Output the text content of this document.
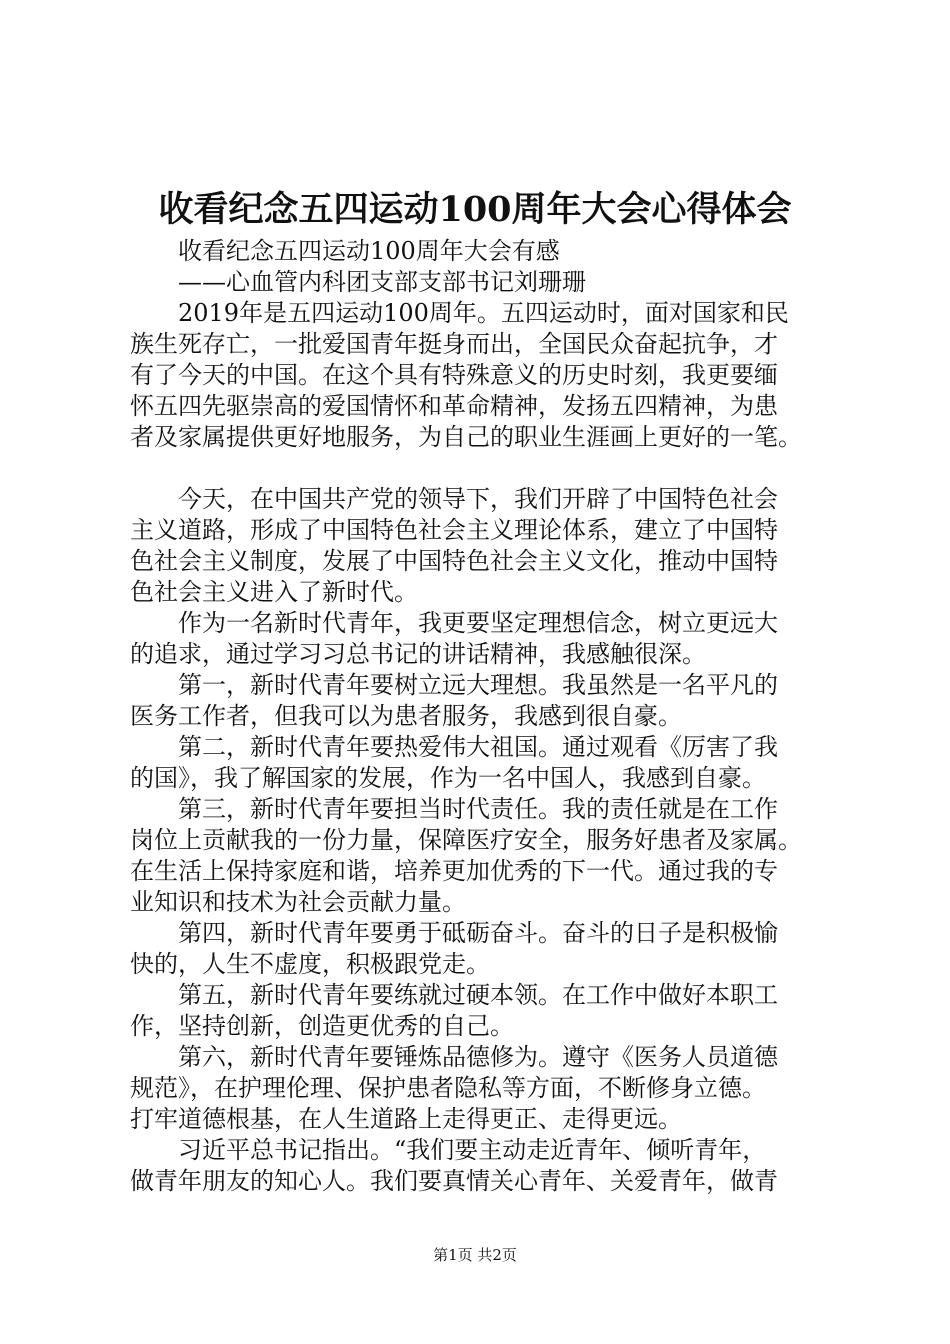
收看纪念五四运动100周年大会心得体会
收看纪念五四运动100周年大会有感
——心血管内科团支部支部书记刘珊珊
2019年是五四运动100周年。五四运动时，面对国家和民
族生死存亡，一批爱国青年挺身而出，全国民众奋起抗争，才
有了今天的中国。在这个具有特殊意义的历史时刻，我更要缅
怀五四先驱崇高的爱国情怀和革命精神，发扬五四精神，为患
者及家属提供更好地服务，为自己的职业生涯画上更好的一笔。
今天，在中国共产党的领导下，我们开辟了中国特色社会
主义道路，形成了中国特色社会主义理论体系，建立了中国特
色社会主义制度，发展了中国特色社会主义文化，推动中国特
色社会主义进入了新时代。
作为一名新时代青年，我更要坚定理想信念，树立更远大
的追求，通过学习习总书记的讲话精神，我感触很深。
第一，新时代青年要树立远大理想。我虽然是一名平凡的
医务工作者，但我可以为患者服务，我感到很自豪。
第二，新时代青年要热爱伟大祖国。通过观看《厉害了我
的国》，我了解国家的发展，作为一名中国人，我感到自豪。
第三，新时代青年要担当时代责任。我的责任就是在工作
岗位上贡献我的一份力量，保障医疗安全，服务好患者及家属。
在生活上保持家庭和谐，培养更加优秀的下一代。通过我的专
业知识和技术为社会贡献力量。
第四，新时代青年要勇于砥砺奋斗。奋斗的日子是积极愉
快的，人生不虚度，积极跟党走。
第五，新时代青年要练就过硬本领。在工作中做好本职工
作，坚持创新，创造更优秀的自己。
第六，新时代青年要锤炼品德修为。遵守《医务人员道德
规范》，在护理伦理、保护患者隐私等方面，不断修身立德。
打牢道德根基，在人生道路上走得更正、走得更远。
习近平总书记指出。“我们要主动走近青年、倾听青年，
做青年朋友的知心人。我们要真情关心青年、关爱青年，做青
第1页 共2页
